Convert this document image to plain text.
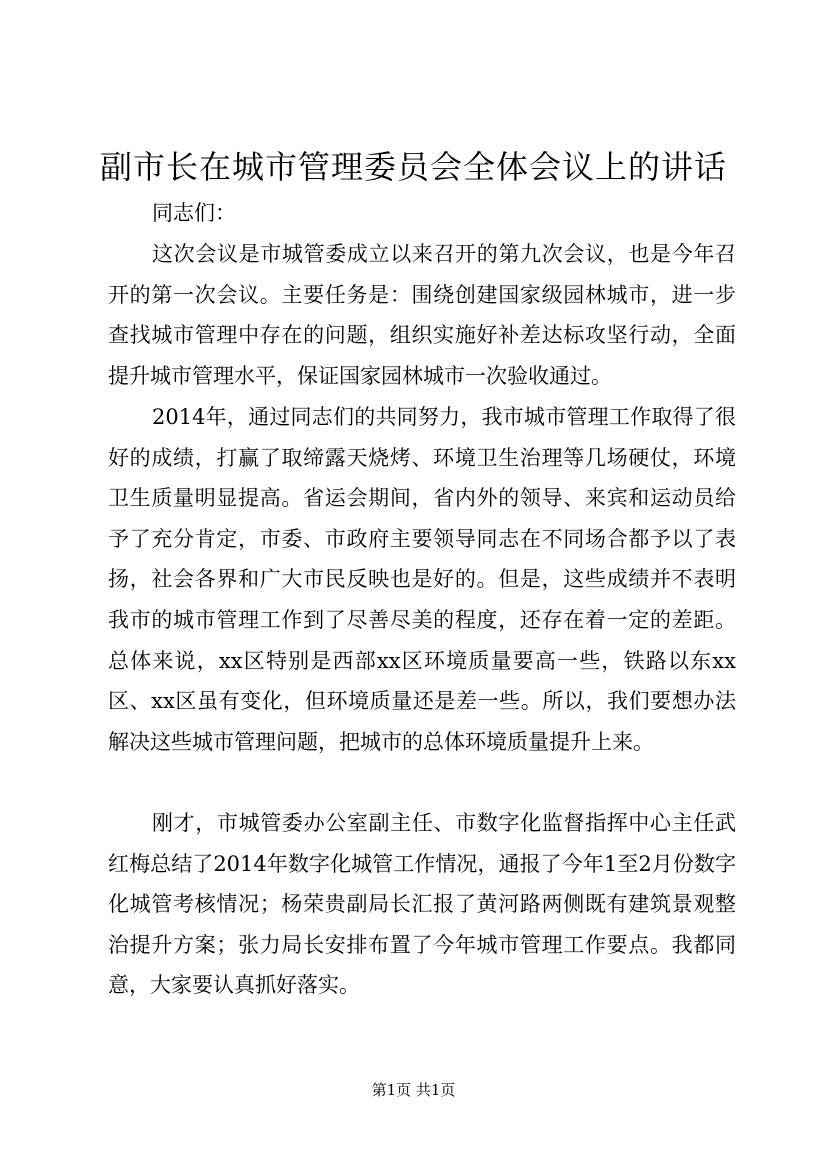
副市长在城市管理委员会全体会议上的讲话
同志们：

这次会议是市城管委成立以来召开的第九次会议，也是今年召开的第一次会议。主要任务是：围绕创建国家级园林城市，进一步查找城市管理中存在的问题，组织实施好补差达标攻坚行动，全面提升城市管理水平，保证国家园林城市一次验收通过。

2014年，通过同志们的共同努力，我市城市管理工作取得了很好的成绩，打赢了取缔露天烧烤、环境卫生治理等几场硬仗，环境卫生质量明显提高。省运会期间，省内外的领导、来宾和运动员给予了充分肯定，市委、市政府主要领导同志在不同场合都予以了表扬，社会各界和广大市民反映也是好的。但是，这些成绩并不表明我市的城市管理工作到了尽善尽美的程度，还存在着一定的差距。总体来说，xx区特别是西部xx区环境质量要高一些，铁路以东xx区、xx区虽有变化，但环境质量还是差一些。所以，我们要想办法解决这些城市管理问题，把城市的总体环境质量提升上来。

刚才，市城管委办公室副主任、市数字化监督指挥中心主任武红梅总结了2014年数字化城管工作情况，通报了今年1至2月份数字化城管考核情况；杨荣贵副局长汇报了黄河路两侧既有建筑景观整治提升方案；张力局长安排布置了今年城市管理工作要点。我都同意，大家要认真抓好落实。

第1页 共1页
